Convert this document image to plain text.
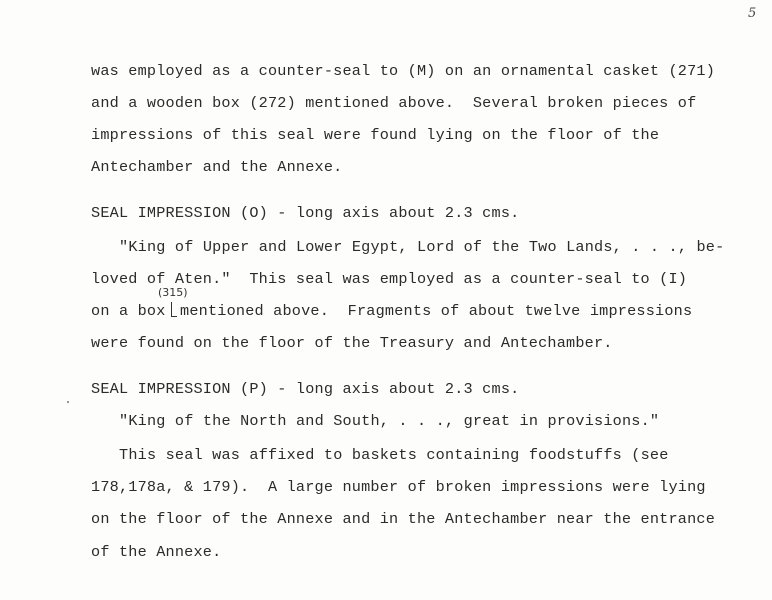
5
was employed as a counter-seal to (M) on an ornamental casket (271)
and a wooden box (272) mentioned above.  Several broken pieces of
impressions of this seal were found lying on the floor of the
Antechamber and the Annexe.
SEAL IMPRESSION (O) - long axis about 2.3 cms.
"King of Upper and Lower Egypt, Lord of the Two Lands, . . ., be-
loved of Aten."  This seal was employed as a counter-seal to (I)
on a box
(315)
mentioned above.  Fragments of about twelve impressions
were found on the floor of the Treasury and Antechamber.
SEAL IMPRESSION (P) - long axis about 2.3 cms.
"King of the North and South, . . ., great in provisions."
This seal was affixed to baskets containing foodstuffs (see
178,178a, & 179).  A large number of broken impressions were lying
on the floor of the Annexe and in the Antechamber near the entrance
of the Annexe.
